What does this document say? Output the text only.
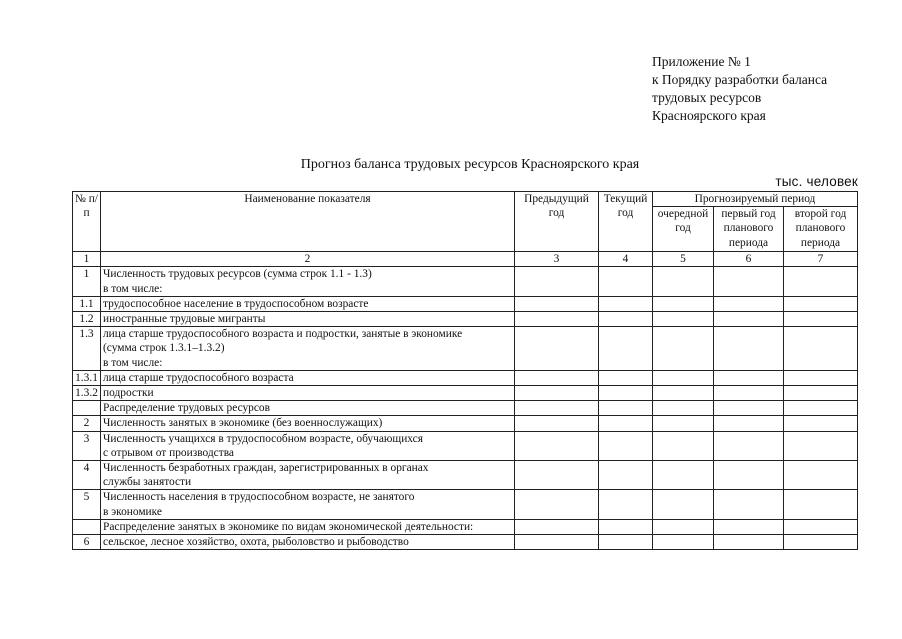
Приложение № 1
к Порядку разработки баланса
трудовых ресурсов
Красноярского края
Прогноз баланса трудовых ресурсов Красноярского края
тыс. человек
№ п/п	Наименование показателя	Предыдущий год	Текущий год	Прогнозируемый период		
				очередной год	первый год планового периода	второй год планового периода
1	2	3	4	5	6	7
1	Численность трудовых ресурсов (сумма строк 1.1 - 1.3)
в том числе:					

1.1	трудоспособное население в трудоспособном возрасте					

1.2	иностранные трудовые мигранты					

1.3	лица старше трудоспособного возраста и подростки, занятые в экономике
(сумма строк 1.3.1–1.3.2)
в том числе:					

1.3.1	лица старше трудоспособного возраста					

1.3.2	подростки					

	Распределение трудовых ресурсов					

2	Численность занятых в экономике (без военнослужащих)					

3	Численность учащихся в трудоспособном возрасте, обучающихся
с отрывом от производства					

4	Численность безработных граждан, зарегистрированных в органах
службы занятости					

5	Численность населения в трудоспособном возрасте, не занятого
в экономике					

	Распределение занятых в экономике по видам экономической деятельности:					

6	сельское, лесное хозяйство, охота, рыболовство и рыбоводство					
